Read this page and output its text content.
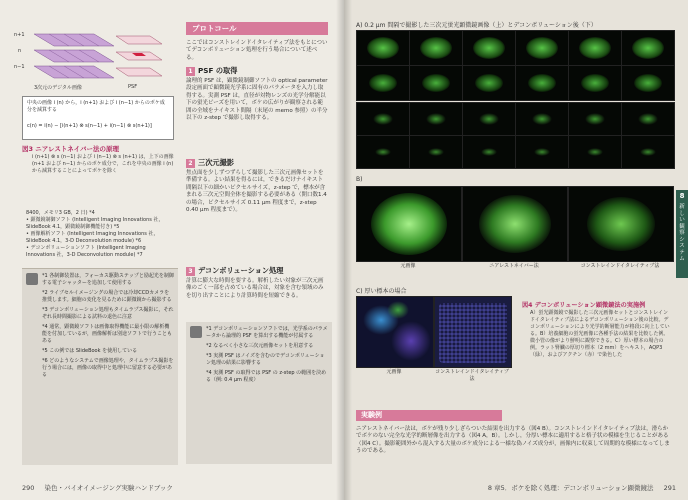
n+1
n
n−1
3次元のデジタル画像	PSF
中央の画像 i (n) から，i (n+1) および i (n−1) からのボケ成分を減算する
c(n) = i(n) − [i(n+1) ⊗ s(n−1) + i(n−1) ⊗ s(n+1)]
図3 ニアレストネイバー法の原理
i (n+1) ⊗ s (n−1) および i (n−1) ⊗ s (n+1) は，上下の画像 (n+1 および n−1) からのボケ成分で，これを中央の画像 i (n) から減算することによってボケを除く
8400，メモリ3 GB，2 日) *4
• 顕微鏡制御ソフト (Intelligent Imaging Innovations 社，SlideBook 4.1，顕微鏡制御機能付き) *5
• 画像解析ソフト (Intelligent Imaging Innovations 社，SlideBook 4.1，3-D Deconvolution module) *6
• デコンボリューションソフト (Intelligent Imaging Innovations 社，3-D Deconvolution module) *7
*1 各制御装置は，フォーカス駆動ステップと励起光を制御する電子シャッターを追加して使用する
*2 ライブセルイメージングの場合では冷却CCDカメラを推奨します。細胞の変化を見るために顕微鏡から撮影する
*3 デコンボリューション処理もタイムラプス撮影に，それぞれ長時間撮影による試料の退色に注意
*4 通常，顕微鏡ソフトは画像取得機能に最小限の解析機能を付加しているが，画像解析は別途ソフトで行うこともある
*5 この例では SlideBook を使用している
*6 どのようなシステムで画像処理や，タイムラプス撮影を行う場合には，画像の取得中と処理中に留意する必要がある
プロトコール
ここではコンストレインドイタレイティブ法をもとについてデコンボリューション処理を行う場合について述べる。
1 PSF の取得
論理的 PSF は，顕微鏡制御ソフトの optical parameter 設定画面で顕微鏡光学系に固有のパラメータを入力し取得する。実測 PSF は，直径が対物レンズの光学分解能以下の蛍光ビーズを用いて，ボケの広がりが観察される範囲の全域をナイキスト間隔（末尾の memo 参照）の半分以下の z-step で撮影し取得する。
2 三次元撮影
焦点面を少しずつずらして撮影した三次元画像セットを準備する。よい結果を得るには，できるだけナイキスト間隔以下の細かいピクセルサイズ，z-step で，標本が含まれる三次元空間全体を撮影する必要がある（開口数1.4の場合，ピクセルサイズ 0.11 μm 程度まで，z-step 0.40 μm 程度まで）。
3 デコンボリューション処理
計算に膨大な時間を要する。解析したい対象が三次元画像のごく一部を占めている場合は，対象を含む領域のみを切り出すことにより計算時間を短縮できる。
*1 デコンボリューションソフトでは，光学系のパラメータから論理的 PSF を算出する機能が付属する
*2 なるべく小さな三次元画像セットを用意する
*3 実測 PSF はノイズを含むのでデコンボリューション処理の結果に影響する
*4 実測 PSF の取得では PSF の z-step の範囲を決める（例: 0.4 μm 程度）
290 染色・バイオイメージング実験ハンドブック
A) 0.2 μm 間隔で撮影した三次元蛍光顕微鏡画像（上）とデコンボリューション後（下）
B)
元画像	ニアレストネイバー法	コンストレインドイタレイティブ法
8
新しい観察システム
C) 厚い標本の場合
元画像	コンストレインドイタレイティブ法
図4 デコンボリューション顕微鏡法の実施例
A）蛍光顕微鏡で撮影した三次元画像セットとコンストレインドイタレイティブ法によるデコンボリューション後の比較。デコンボリューションにより光学的断層能力が格段に向上している。B）培養細胞の蛍光画像に各種手法の結果を比較した例。微小管の像がより鮮明に観察できる。C）厚い標本の場合の例。ラット腎臓の厚切り標本（2 mm）をヘキスト，AQP3（緑），およびアクチン（赤）で染色した
実験例
ニアレストネイバー法は，ボケが残り少しざらついた結果を出力する（図4 B）。コンストレインドイタレイティブ法は，滑らかでボケのない完全な光学的断層像を出力する（図4 A，B）。しかし，分厚い標本に適用すると格子状の模様を生じることがある（図4 C）。撮影範囲外から混入する大量のボケ成分による一様な偽ノイズ成分が，画像内に収束して周期的な模様になってしまうのである。
8 章5．ボケを除く処理：デコンボリューション顕微鏡法 291
